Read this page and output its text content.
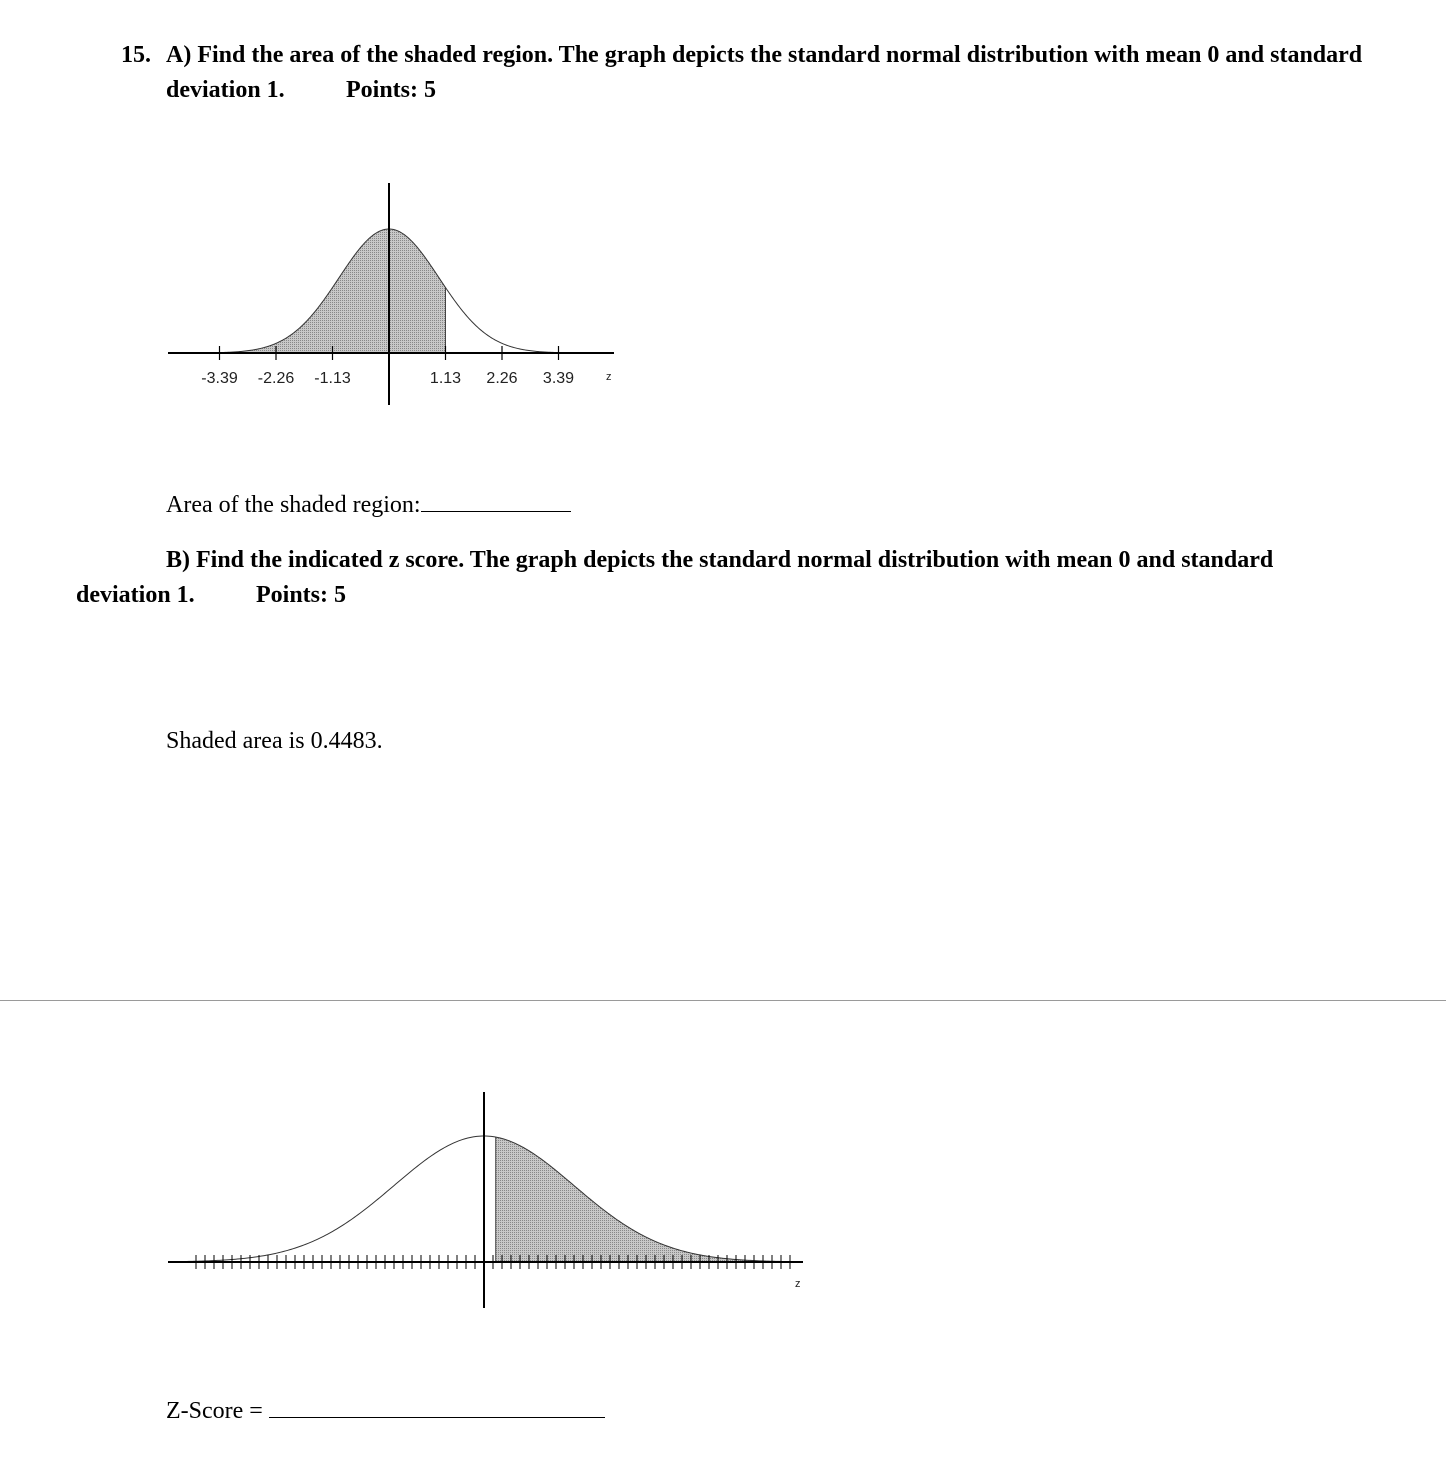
15. A) Find the area of the shaded region. The graph depicts the standard normal distribution with mean 0 and standard
deviation 1.	Points: 5
z
-3.39 -2.26 -1.13	1.13 2.26 3.39
Area of the shaded region:
B) Find the indicated z score. The graph depicts the standard normal distribution with mean 0 and standard
deviation 1.	Points: 5
Shaded area is 0.4483.
z
Z-Score =
